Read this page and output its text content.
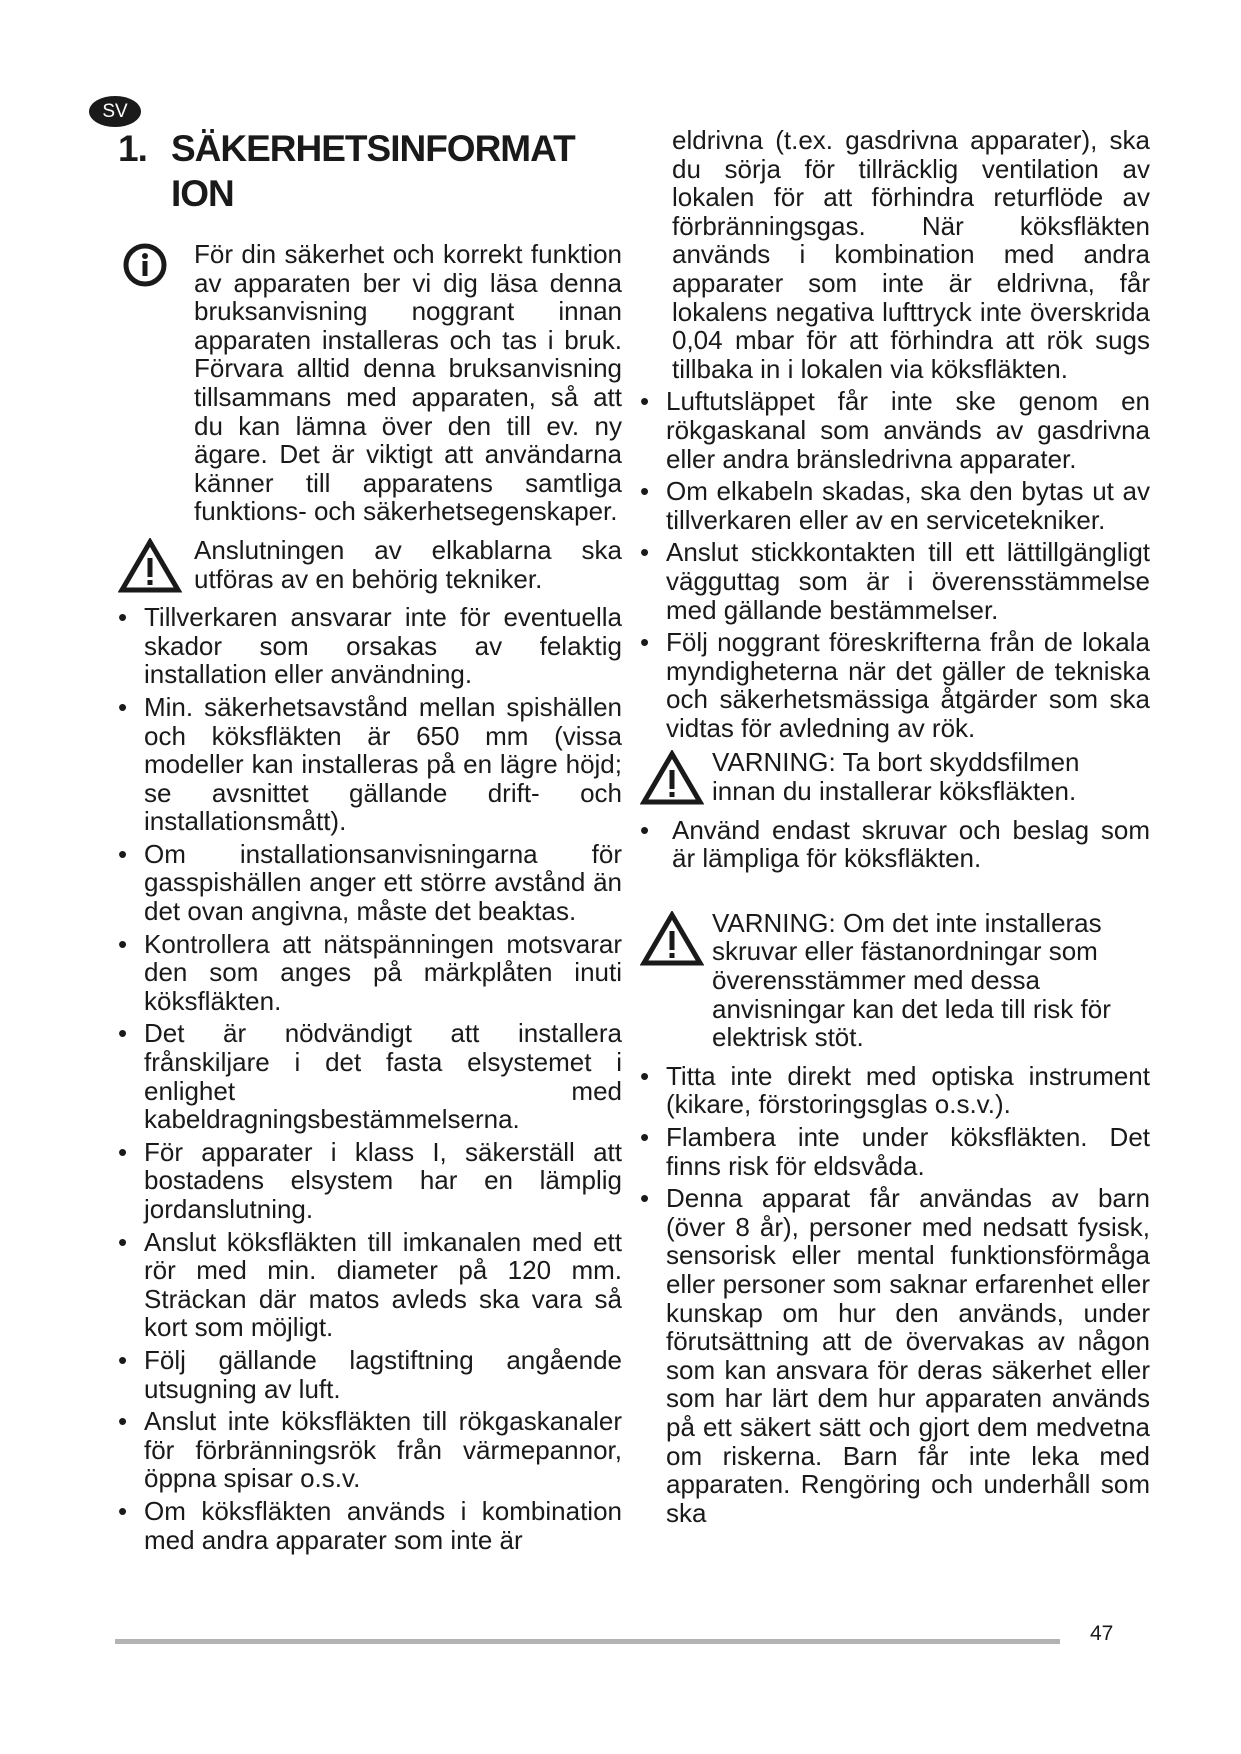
SV
1. SÄKERHETSINFORMAT
ION

För din säkerhet och korrekt funktion av apparaten ber vi dig läsa denna bruksanvisning noggrant innan apparaten installeras och tas i bruk. Förvara alltid denna bruksanvisning tillsammans med apparaten, så att du kan lämna över den till ev. ny ägare. Det är viktigt att användarna känner till apparatens samtliga funktions- och säkerhetsegenskaper.

Anslutningen av elkablarna ska utföras av en behörig tekniker.

• Tillverkaren ansvarar inte för eventuella skador som orsakas av felaktig installation eller användning.
• Min. säkerhetsavstånd mellan spishällen och köksfläkten är 650 mm (vissa modeller kan installeras på en lägre höjd; se avsnittet gällande drift- och installationsmått).
• Om installationsanvisningarna för gasspishällen anger ett större avstånd än det ovan angivna, måste det beaktas.
• Kontrollera att nätspänningen motsvarar den som anges på märkplåten inuti köksfläkten.
• Det är nödvändigt att installera frånskiljare i det fasta elsystemet i enlighet med kabeldragningsbestämmelserna.
• För apparater i klass I, säkerställ att bostadens elsystem har en lämplig jordanslutning.
• Anslut köksfläkten till imkanalen med ett rör med min. diameter på 120 mm. Sträckan där matos avleds ska vara så kort som möjligt.
• Följ gällande lagstiftning angående utsugning av luft.
• Anslut inte köksfläkten till rökgaskanaler för förbränningsrök från värmepannor, öppna spisar o.s.v.
• Om köksfläkten används i kombination med andra apparater som inte är

eldrivna (t.ex. gasdrivna apparater), ska du sörja för tillräcklig ventilation av lokalen för att förhindra returflöde av förbränningsgas. När köksfläkten används i kombination med andra apparater som inte är eldrivna, får lokalens negativa lufttryck inte överskrida 0,04 mbar för att förhindra att rök sugs tillbaka in i lokalen via köksfläkten.

• Luftutsläppet får inte ske genom en rökgaskanal som används av gasdrivna eller andra bränsledrivna apparater.
• Om elkabeln skadas, ska den bytas ut av tillverkaren eller av en servicetekniker.
• Anslut stickkontakten till ett lättillgängligt vägguttag som är i överensstämmelse med gällande bestämmelser.
• Följ noggrant föreskrifterna från de lokala myndigheterna när det gäller de tekniska och säkerhetsmässiga åtgärder som ska vidtas för avledning av rök.

VARNING: Ta bort skyddsfilmen innan du installerar köksfläkten.

• Använd endast skruvar och beslag som är lämpliga för köksfläkten.

VARNING: Om det inte installeras skruvar eller fästanordningar som överensstämmer med dessa anvisningar kan det leda till risk för elektrisk stöt.

• Titta inte direkt med optiska instrument (kikare, förstoringsglas o.s.v.).
• Flambera inte under köksfläkten. Det finns risk för eldsvåda.
• Denna apparat får användas av barn (över 8 år), personer med nedsatt fysisk, sensorisk eller mental funktionsförmåga eller personer som saknar erfarenhet eller kunskap om hur den används, under förutsättning att de övervakas av någon som kan ansvara för deras säkerhet eller som har lärt dem hur apparaten används på ett säkert sätt och gjort dem medvetna om riskerna. Barn får inte leka med apparaten. Rengöring och underhåll som ska
47
